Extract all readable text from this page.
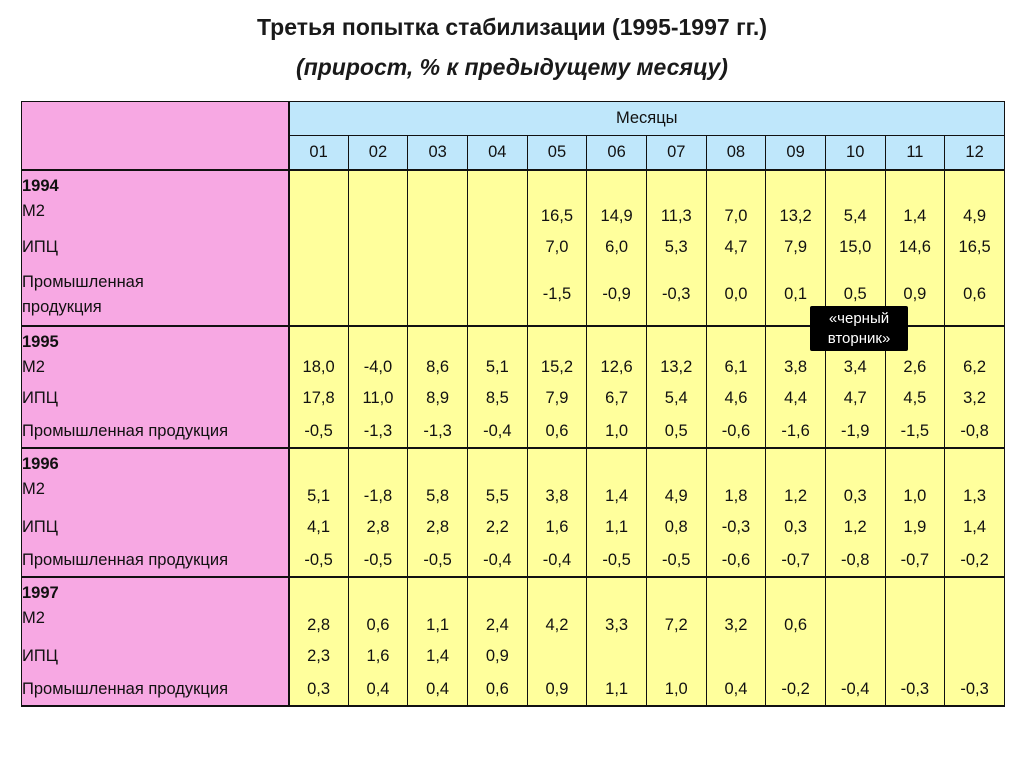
Третья попытка стабилизации (1995-1997 гг.)
(прирост, % к предыдущему месяцу)
	Месяцы											
	01	02	03	04	05	06	07	08	09	10	11	12

1994
М2					16,5	14,9	11,3	7,0	13,2	5,4	1,4	4,9

ИПЦ					7,0	6,0	5,3	4,7	7,9	15,0	14,6	16,5

Промышленная
продукция					-1,5	-0,9	-0,3	0,0	0,1	0,5	0,9	0,6

1995
М2	18,0	-4,0	8,6	5,1	15,2	12,6	13,2	6,1	3,8	3,4	2,6	6,2

ИПЦ	17,8	11,0	8,9	8,5	7,9	6,7	5,4	4,6	4,4	4,7	4,5	3,2

Промышленная продукция	-0,5	-1,3	-1,3	-0,4	0,6	1,0	0,5	-0,6	-1,6	-1,9	-1,5	-0,8

1996
М2	5,1	-1,8	5,8	5,5	3,8	1,4	4,9	1,8	1,2	0,3	1,0	1,3

ИПЦ	4,1	2,8	2,8	2,2	1,6	1,1	0,8	-0,3	0,3	1,2	1,9	1,4

Промышленная продукция	-0,5	-0,5	-0,5	-0,4	-0,4	-0,5	-0,5	-0,6	-0,7	-0,8	-0,7	-0,2

1997
М2	2,8	0,6	1,1	2,4	4,2	3,3	7,2	3,2	0,6			

ИПЦ	2,3	1,6	1,4	0,9								

Промышленная продукция	0,3	0,4	0,4	0,6	0,9	1,1	1,0	0,4	-0,2	-0,4	-0,3	-0,3
«черный
вторник»
